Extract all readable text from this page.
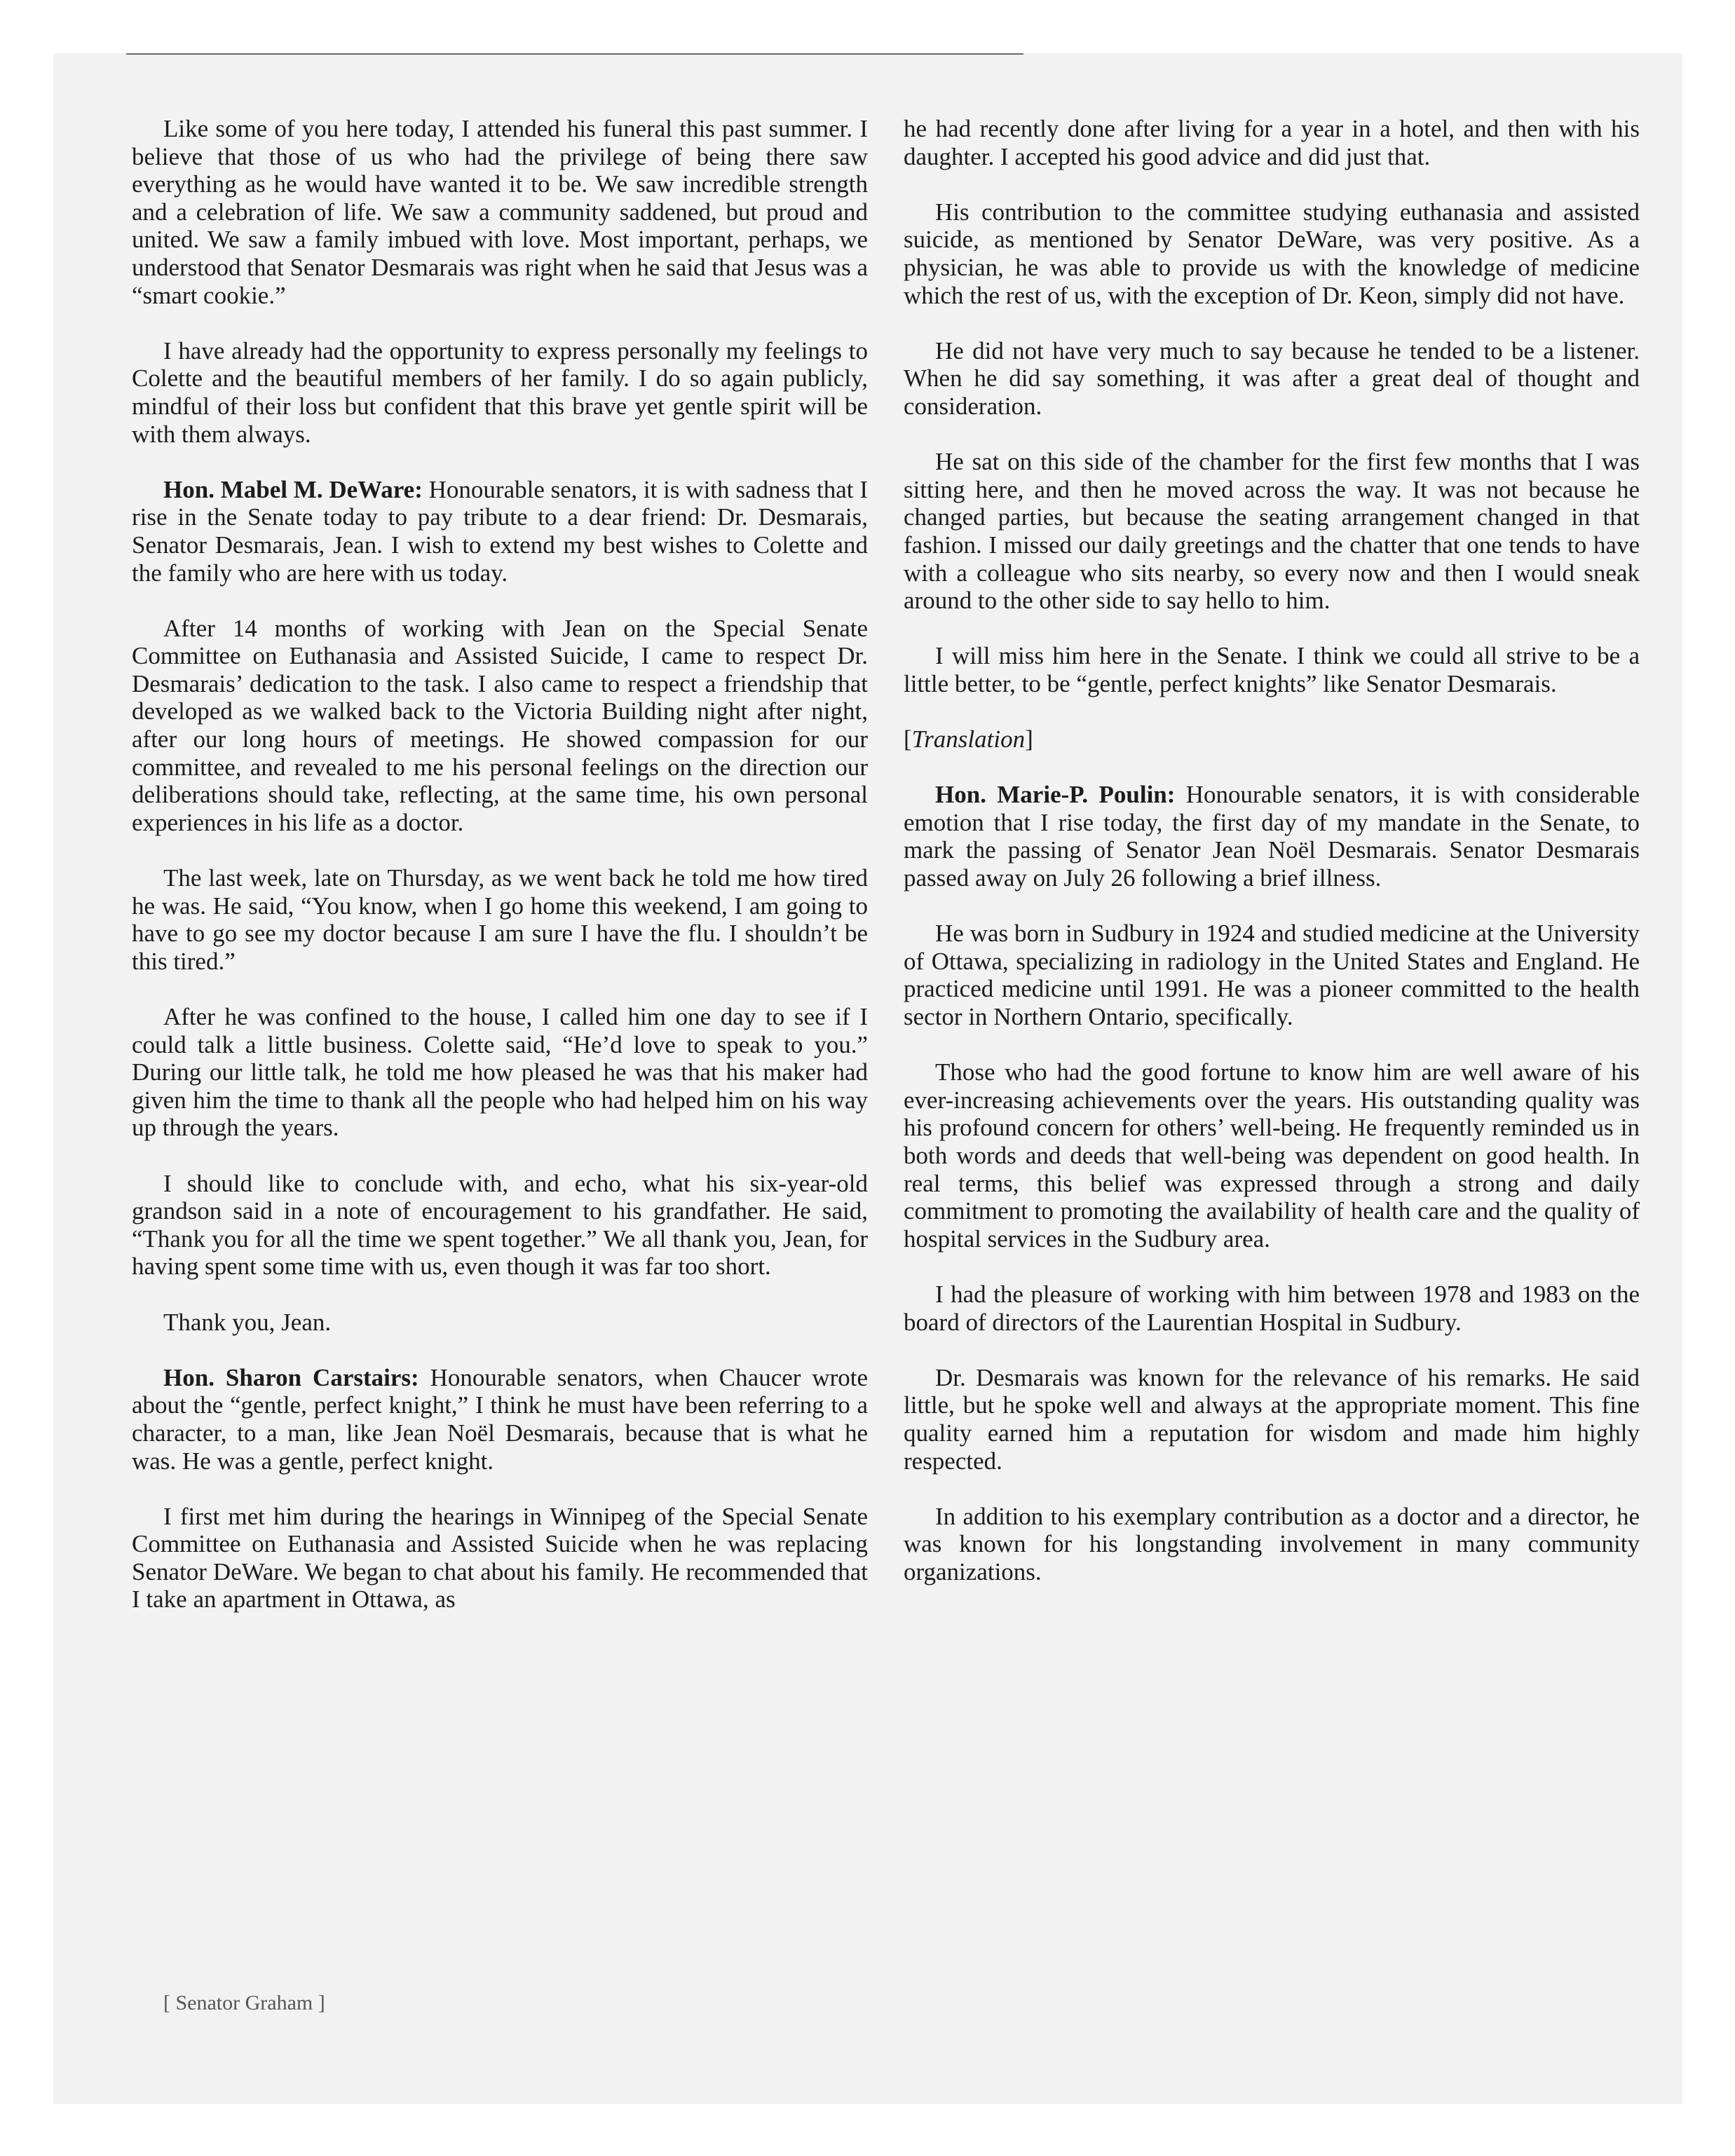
Like some of you here today, I attended his funeral this past summer. I believe that those of us who had the privilege of being there saw everything as he would have wanted it to be. We saw incredible strength and a celebration of life. We saw a community saddened, but proud and united. We saw a family imbued with love. Most important, perhaps, we understood that Senator Desmarais was right when he said that Jesus was a “smart cookie.”

I have already had the opportunity to express personally my feelings to Colette and the beautiful members of her family. I do so again publicly, mindful of their loss but confident that this brave yet gentle spirit will be with them always.

Hon. Mabel M. DeWare: Honourable senators, it is with sadness that I rise in the Senate today to pay tribute to a dear friend: Dr. Desmarais, Senator Desmarais, Jean. I wish to extend my best wishes to Colette and the family who are here with us today.

After 14 months of working with Jean on the Special Senate Committee on Euthanasia and Assisted Suicide, I came to respect Dr. Desmarais’ dedication to the task. I also came to respect a friendship that developed as we walked back to the Victoria Building night after night, after our long hours of meetings. He showed compassion for our committee, and revealed to me his personal feelings on the direction our deliberations should take, reflecting, at the same time, his own personal experiences in his life as a doctor.

The last week, late on Thursday, as we went back he told me how tired he was. He said, “You know, when I go home this weekend, I am going to have to go see my doctor because I am sure I have the flu. I shouldn’t be this tired.”

After he was confined to the house, I called him one day to see if I could talk a little business. Colette said, “He’d love to speak to you.” During our little talk, he told me how pleased he was that his maker had given him the time to thank all the people who had helped him on his way up through the years.

I should like to conclude with, and echo, what his six-year-old grandson said in a note of encouragement to his grandfather. He said, “Thank you for all the time we spent together.” We all thank you, Jean, for having spent some time with us, even though it was far too short.

Thank you, Jean.

Hon. Sharon Carstairs: Honourable senators, when Chaucer wrote about the “gentle, perfect knight,” I think he must have been referring to a character, to a man, like Jean Noël Desmarais, because that is what he was. He was a gentle, perfect knight.

I first met him during the hearings in Winnipeg of the Special Senate Committee on Euthanasia and Assisted Suicide when he was replacing Senator DeWare. We began to chat about his family. He recommended that I take an apartment in Ottawa, as

he had recently done after living for a year in a hotel, and then with his daughter. I accepted his good advice and did just that.

His contribution to the committee studying euthanasia and assisted suicide, as mentioned by Senator DeWare, was very positive. As a physician, he was able to provide us with the knowledge of medicine which the rest of us, with the exception of Dr. Keon, simply did not have.

He did not have very much to say because he tended to be a listener. When he did say something, it was after a great deal of thought and consideration.

He sat on this side of the chamber for the first few months that I was sitting here, and then he moved across the way. It was not because he changed parties, but because the seating arrangement changed in that fashion. I missed our daily greetings and the chatter that one tends to have with a colleague who sits nearby, so every now and then I would sneak around to the other side to say hello to him.

I will miss him here in the Senate. I think we could all strive to be a little better, to be “gentle, perfect knights” like Senator Desmarais.

[Translation]

Hon. Marie-P. Poulin: Honourable senators, it is with considerable emotion that I rise today, the first day of my mandate in the Senate, to mark the passing of Senator Jean Noël Desmarais. Senator Desmarais passed away on July 26 following a brief illness.

He was born in Sudbury in 1924 and studied medicine at the University of Ottawa, specializing in radiology in the United States and England. He practiced medicine until 1991. He was a pioneer committed to the health sector in Northern Ontario, specifically.

Those who had the good fortune to know him are well aware of his ever-increasing achievements over the years. His outstanding quality was his profound concern for others’ well-being. He frequently reminded us in both words and deeds that well-being was dependent on good health. In real terms, this belief was expressed through a strong and daily commitment to promoting the availability of health care and the quality of hospital services in the Sudbury area.

I had the pleasure of working with him between 1978 and 1983 on the board of directors of the Laurentian Hospital in Sudbury.

Dr. Desmarais was known for the relevance of his remarks. He said little, but he spoke well and always at the appropriate moment. This fine quality earned him a reputation for wisdom and made him highly respected.

In addition to his exemplary contribution as a doctor and a director, he was known for his longstanding involvement in many community organizations.

[ Senator Graham ]
